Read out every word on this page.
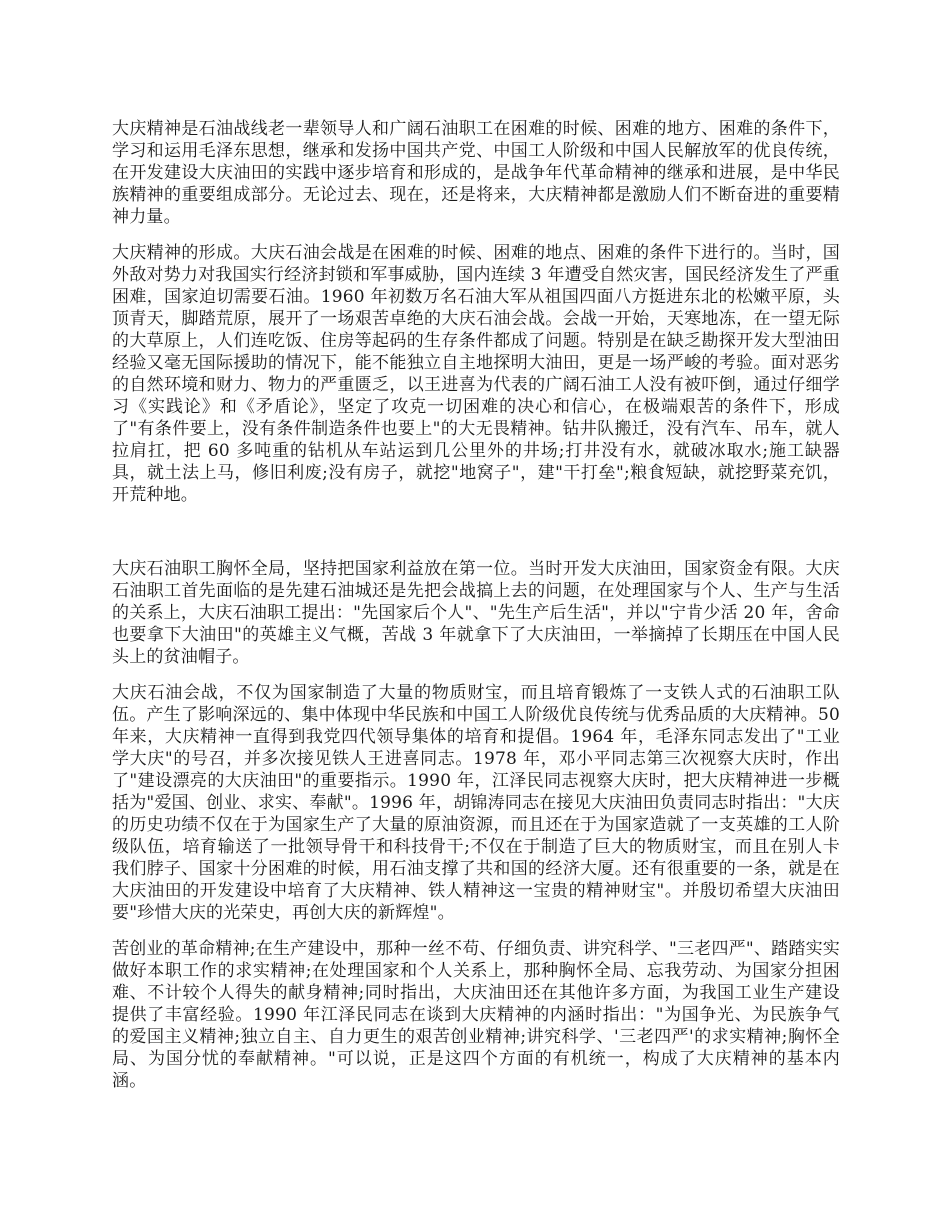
大庆精神是石油战线老一辈领导人和广阔石油职工在困难的时候、困难的地方、困难的条件下，学习和运用毛泽东思想，继承和发扬中国共产党、中国工人阶级和中国人民解放军的优良传统，在开发建设大庆油田的实践中逐步培育和形成的，是战争年代革命精神的继承和进展，是中华民族精神的重要组成部分。无论过去、现在，还是将来，大庆精神都是激励人们不断奋进的重要精神力量。

大庆精神的形成。大庆石油会战是在困难的时候、困难的地点、困难的条件下进行的。当时，国外敌对势力对我国实行经济封锁和军事威胁，国内连续 3 年遭受自然灾害，国民经济发生了严重困难，国家迫切需要石油。1960 年初数万名石油大军从祖国四面八方挺进东北的松嫩平原，头顶青天，脚踏荒原，展开了一场艰苦卓绝的大庆石油会战。会战一开始，天寒地冻，在一望无际的大草原上，人们连吃饭、住房等起码的生存条件都成了问题。特别是在缺乏勘探开发大型油田经验又毫无国际援助的情况下，能不能独立自主地探明大油田，更是一场严峻的考验。面对恶劣的自然环境和财力、物力的严重匮乏，以王进喜为代表的广阔石油工人没有被吓倒，通过仔细学习《实践论》和《矛盾论》，坚定了攻克一切困难的决心和信心，在极端艰苦的条件下，形成了"有条件要上，没有条件制造条件也要上"的大无畏精神。钻井队搬迁，没有汽车、吊车，就人拉肩扛，把 60 多吨重的钻机从车站运到几公里外的井场;打井没有水，就破冰取水;施工缺器具，就土法上马，修旧利废;没有房子，就挖"地窝子"，建"干打垒";粮食短缺，就挖野菜充饥，开荒种地。

大庆石油职工胸怀全局，坚持把国家利益放在第一位。当时开发大庆油田，国家资金有限。大庆石油职工首先面临的是先建石油城还是先把会战搞上去的问题，在处理国家与个人、生产与生活的关系上，大庆石油职工提出："先国家后个人"、"先生产后生活"，并以"宁肯少活 20 年，舍命也要拿下大油田"的英雄主义气概，苦战 3 年就拿下了大庆油田，一举摘掉了长期压在中国人民头上的贫油帽子。

大庆石油会战，不仅为国家制造了大量的物质财宝，而且培育锻炼了一支铁人式的石油职工队伍。产生了影响深远的、集中体现中华民族和中国工人阶级优良传统与优秀品质的大庆精神。50 年来，大庆精神一直得到我党四代领导集体的培育和提倡。1964 年，毛泽东同志发出了"工业学大庆"的号召，并多次接见铁人王进喜同志。1978 年，邓小平同志第三次视察大庆时，作出了"建设漂亮的大庆油田"的重要指示。1990 年，江泽民同志视察大庆时，把大庆精神进一步概括为"爱国、创业、求实、奉献"。1996 年，胡锦涛同志在接见大庆油田负责同志时指出："大庆的历史功绩不仅在于为国家生产了大量的原油资源，而且还在于为国家造就了一支英雄的工人阶级队伍，培育输送了一批领导骨干和科技骨干;不仅在于制造了巨大的物质财宝，而且在别人卡我们脖子、国家十分困难的时候，用石油支撑了共和国的经济大厦。还有很重要的一条，就是在大庆油田的开发建设中培育了大庆精神、铁人精神这一宝贵的精神财宝"。并殷切希望大庆油田要"珍惜大庆的光荣史，再创大庆的新辉煌"。

苦创业的革命精神;在生产建设中，那种一丝不苟、仔细负责、讲究科学、"三老四严"、踏踏实实做好本职工作的求实精神;在处理国家和个人关系上，那种胸怀全局、忘我劳动、为国家分担困难、不计较个人得失的献身精神;同时指出，大庆油田还在其他许多方面，为我国工业生产建设提供了丰富经验。1990 年江泽民同志在谈到大庆精神的内涵时指出："为国争光、为民族争气的爱国主义精神;独立自主、自力更生的艰苦创业精神;讲究科学、'三老四严'的求实精神;胸怀全局、为国分忧的奉献精神。"可以说，正是这四个方面的有机统一，构成了大庆精神的基本内涵。
